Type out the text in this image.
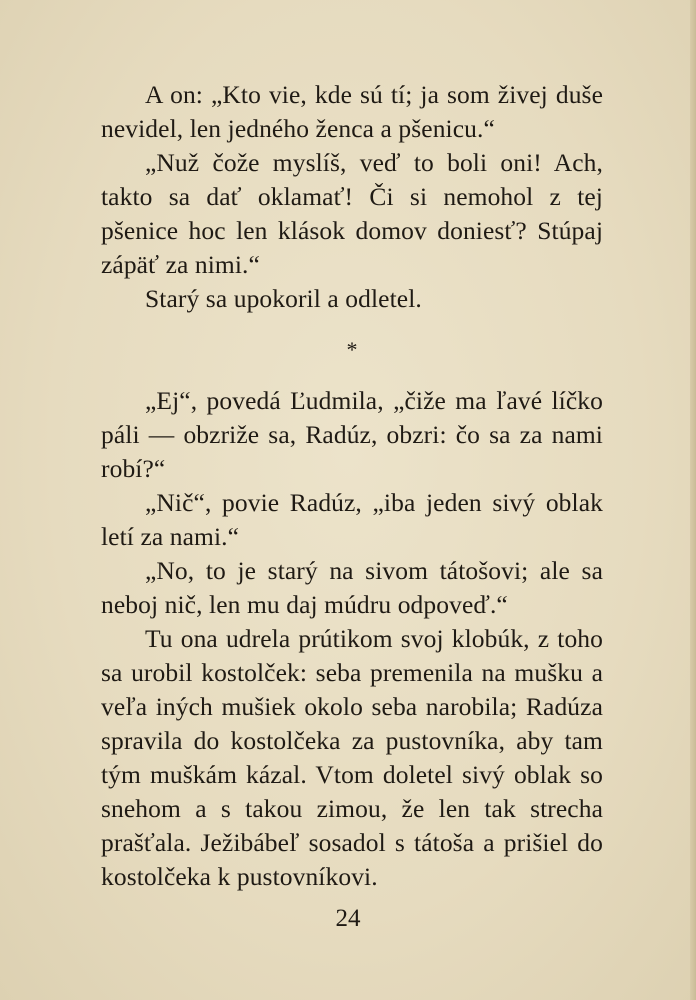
A on: „Kto vie, kde sú tí; ja som živej duše nevidel, len jedného ženca a pšenicu.“

„Nuž čože myslíš, veď to boli oni! Ach, takto sa dať oklamať! Či si nemohol z tej pšenice hoc len klások domov doniesť? Stúpaj zápäť za nimi.“

Starý sa upokoril a odletel.

*

„Ej“, povedá Ľudmila, „čiže ma ľavé líčko páli — obzriže sa, Radúz, obzri: čo sa za nami robí?“

„Nič“, povie Radúz, „iba jeden sivý oblak letí za nami.“

„No, to je starý na sivom tátošovi; ale sa neboj nič, len mu daj múdru odpoveď.“

Tu ona udrela prútikom svoj klobúk, z toho sa urobil kostolček: seba premenila na mušku a veľa iných mušiek okolo seba narobila; Radúza spravila do kostolčeka za pustovníka, aby tam tým muškám kázal. Vtom doletel sivý oblak so snehom a s takou zimou, že len tak strecha prašťala. Ježibábeľ sosadol s tátoša a prišiel do kostolčeka k pustovníkovi.

24
